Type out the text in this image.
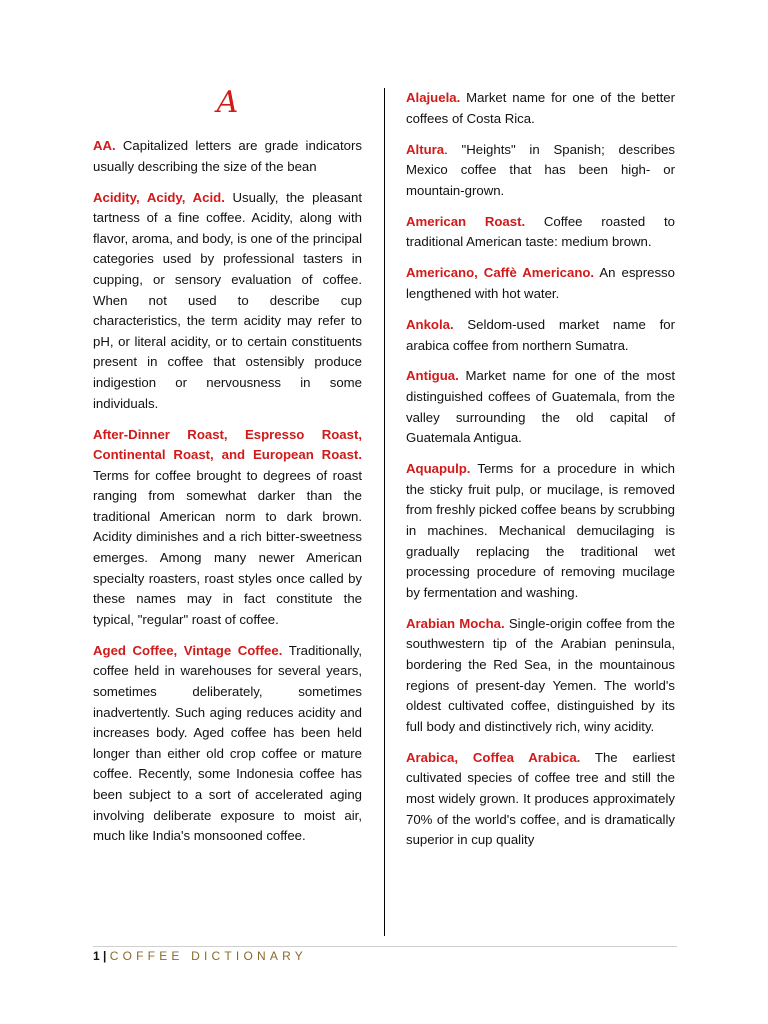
A

AA. Capitalized letters are grade indicators usually describing the size of the bean

Acidity, Acidy, Acid. Usually, the pleasant tartness of a fine coffee. Acidity, along with flavor, aroma, and body, is one of the principal categories used by professional tasters in cupping, or sensory evaluation of coffee. When not used to describe cup characteristics, the term acidity may refer to pH, or literal acidity, or to certain constituents present in coffee that ostensibly produce indigestion or nervousness in some individuals.

After-Dinner Roast, Espresso Roast, Continental Roast, and European Roast. Terms for coffee brought to degrees of roast ranging from somewhat darker than the traditional American norm to dark brown. Acidity diminishes and a rich bitter-sweetness emerges. Among many newer American specialty roasters, roast styles once called by these names may in fact constitute the typical, "regular" roast of coffee.

Aged Coffee, Vintage Coffee. Traditionally, coffee held in warehouses for several years, sometimes deliberately, sometimes inadvertently. Such aging reduces acidity and increases body. Aged coffee has been held longer than either old crop coffee or mature coffee. Recently, some Indonesia coffee has been subject to a sort of accelerated aging involving deliberate exposure to moist air, much like India's monsooned coffee.

Alajuela. Market name for one of the better coffees of Costa Rica.

Altura. "Heights" in Spanish; describes Mexico coffee that has been high- or mountain-grown.

American Roast. Coffee roasted to traditional American taste: medium brown.

Americano, Caffè Americano. An espresso lengthened with hot water.

Ankola. Seldom-used market name for arabica coffee from northern Sumatra.

Antigua. Market name for one of the most distinguished coffees of Guatemala, from the valley surrounding the old capital of Guatemala Antigua.

Aquapulp. Terms for a procedure in which the sticky fruit pulp, or mucilage, is removed from freshly picked coffee beans by scrubbing in machines. Mechanical demucilaging is gradually replacing the traditional wet processing procedure of removing mucilage by fermentation and washing.

Arabian Mocha. Single-origin coffee from the southwestern tip of the Arabian peninsula, bordering the Red Sea, in the mountainous regions of present-day Yemen. The world's oldest cultivated coffee, distinguished by its full body and distinctively rich, winy acidity.

Arabica, Coffea Arabica. The earliest cultivated species of coffee tree and still the most widely grown. It produces approximately 70% of the world's coffee, and is dramatically superior in cup quality

1 | COFFEE DICTIONARY
